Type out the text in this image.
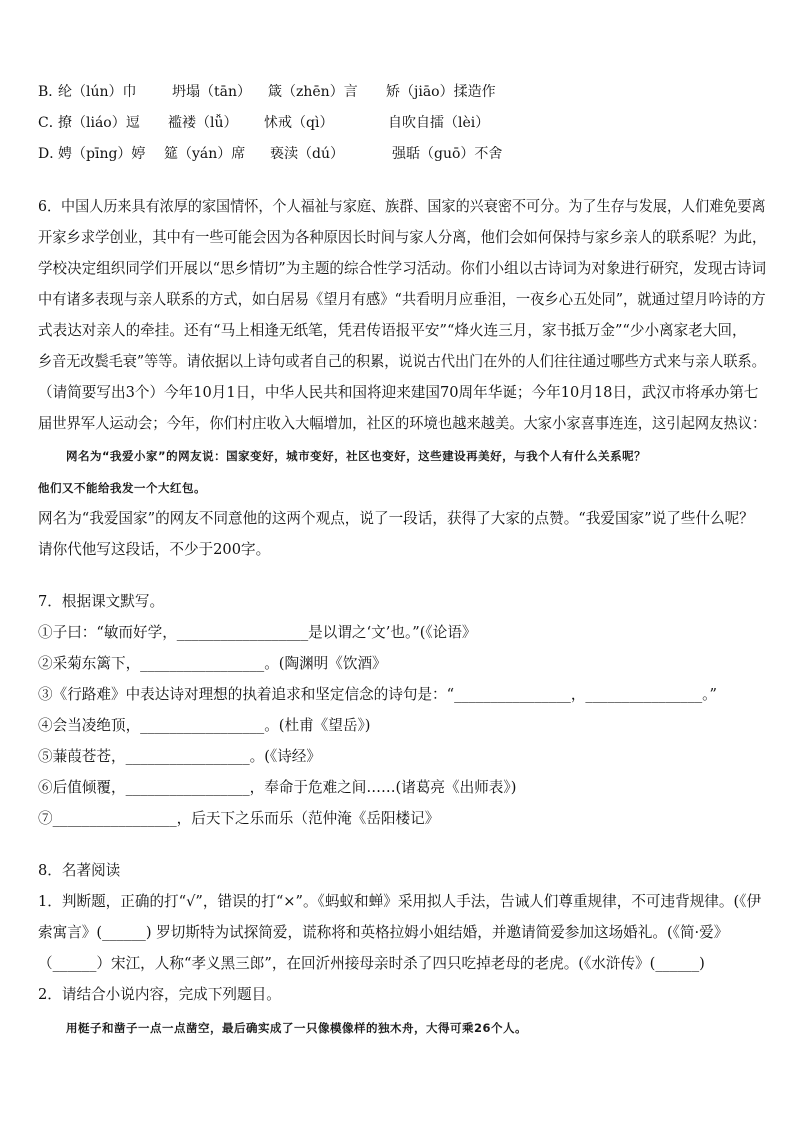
B．
纶（lún）巾	坍塌（tān） 箴（zhēn）言 矫（jiāo）揉造作
C．
撩（liáo）逗 褴褛（lǚ） 怵戒（qì）	自吹自擂（lèi）
D．
娉（pīng）婷 筵（yán）席 亵渎（dú）	强聒（guō）不舍
6．中国人历来具有浓厚的家国情怀，个人福祉与家庭、族群、国家的兴衰密不可分。为了生存与发展，人们难免要离
开家乡求学创业，其中有一些可能会因为各种原因长时间与家人分离，他们会如何保持与家乡亲人的联系呢？为此，
学校决定组织同学们开展以“思乡情切”为主题的综合性学习活动。你们小组以古诗词为对象进行研究，发现古诗词
中有诸多表现与亲人联系的方式，如白居易《望月有感》“共看明月应垂泪，一夜乡心五处同”，就通过望月吟诗的方
式表达对亲人的牵挂。还有“马上相逢无纸笔，凭君传语报平安”“烽火连三月，家书抵万金”“少小离家老大回，
乡音无改鬓毛衰”等等。请依据以上诗句或者自己的积累，说说古代出门在外的人们往往通过哪些方式来与亲人联系。
（请简要写出3个）今年10月1日，中华人民共和国将迎来建国70周年华诞；今年10月18日，武汉市将承办第七
届世界军人运动会；今年，你们村庄收入大幅增加，社区的环境也越来越美。大家小家喜事连连，这引起网友热议：
网名为“我爱小家”的网友说：国家变好，城市变好，社区也变好，这些建设再美好，与我个人有什么关系呢？
他们又不能给我发一个大红包。
网名为“我爱国家”的网友不同意他的这两个观点，说了一段话，获得了大家的点赞。“我爱国家”说了些什么呢？
请你代他写这段话，不少于200字。
7．根据课文默写。
①子曰：“敏而好学，__________________是以谓之‘文’也。”(《论语》
②采菊东篱下，_________________。(陶渊明《饮酒》
③《行路难》中表达诗对理想的执着追求和坚定信念的诗句是：“________________，________________。”
④会当凌绝顶，_________________。(杜甫《望岳》)
⑤蒹葭苍苍，_________________。(《诗经》
⑥后值倾覆，_________________，奉命于危难之间……(诸葛亮《出师表》)
⑦_________________，后天下之乐而乐（范仲淹《岳阳楼记》
8．名著阅读
1．判断题，正确的打“√”，错误的打“×”。《蚂蚁和蝉》采用拟人手法，告诫人们尊重规律，不可违背规律。(《伊
索寓言》(______) 罗切斯特为试探简爱，谎称将和英格拉姆小姐结婚，并邀请简爱参加这场婚礼。(《简·爱》
（______）宋江，人称“孝义黑三郎”，在回沂州接母亲时杀了四只吃掉老母的老虎。(《水浒传》(______)
2．请结合小说内容，完成下列题目。
用梃子和凿子一点一点凿空，最后确实成了一只像模像样的独木舟，大得可乘26个人。
